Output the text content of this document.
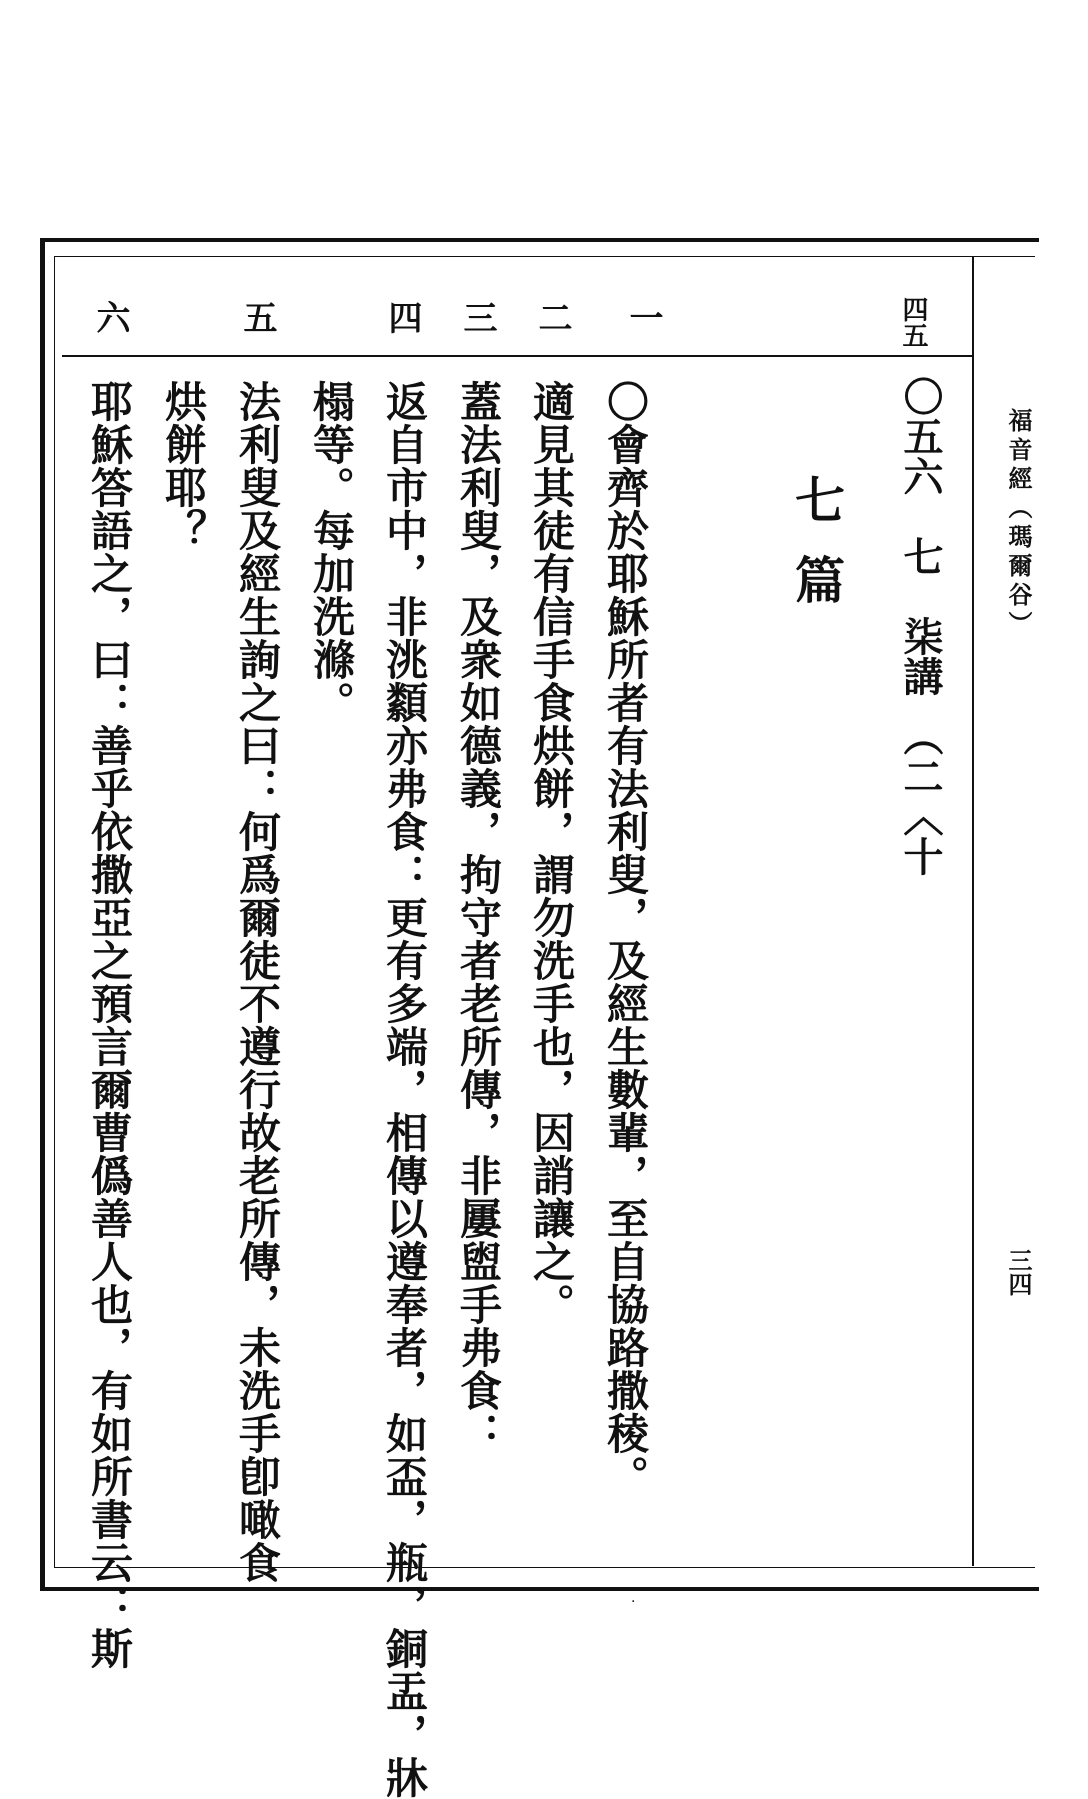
福音經（瑪爾谷）
三四
四五
〇五六　七　柒講　（二〈十
七篇
一
二
三
四
五
六
〇會齊於耶穌所者有法利叟，及經生數輩，至自協路撒稜。
適見其徒有信手食烘餅，謂勿洗手也，因誚讓之。
蓋法利叟，及衆如德義，拘守者老所傳，非屢盥手弗食：
返自市中，非洮纇亦弗食：更有多端，相傳以遵奉者，如盃，瓶，銅盂，牀
榻等。每加洗滌。
法利叟及經生詢之曰：何爲爾徒不遵行故老所傳，未洗手卽噉食
烘餅耶？
耶穌答語之，曰：善乎依撒亞之預言爾曹僞善人也，有如所書云：斯	·
